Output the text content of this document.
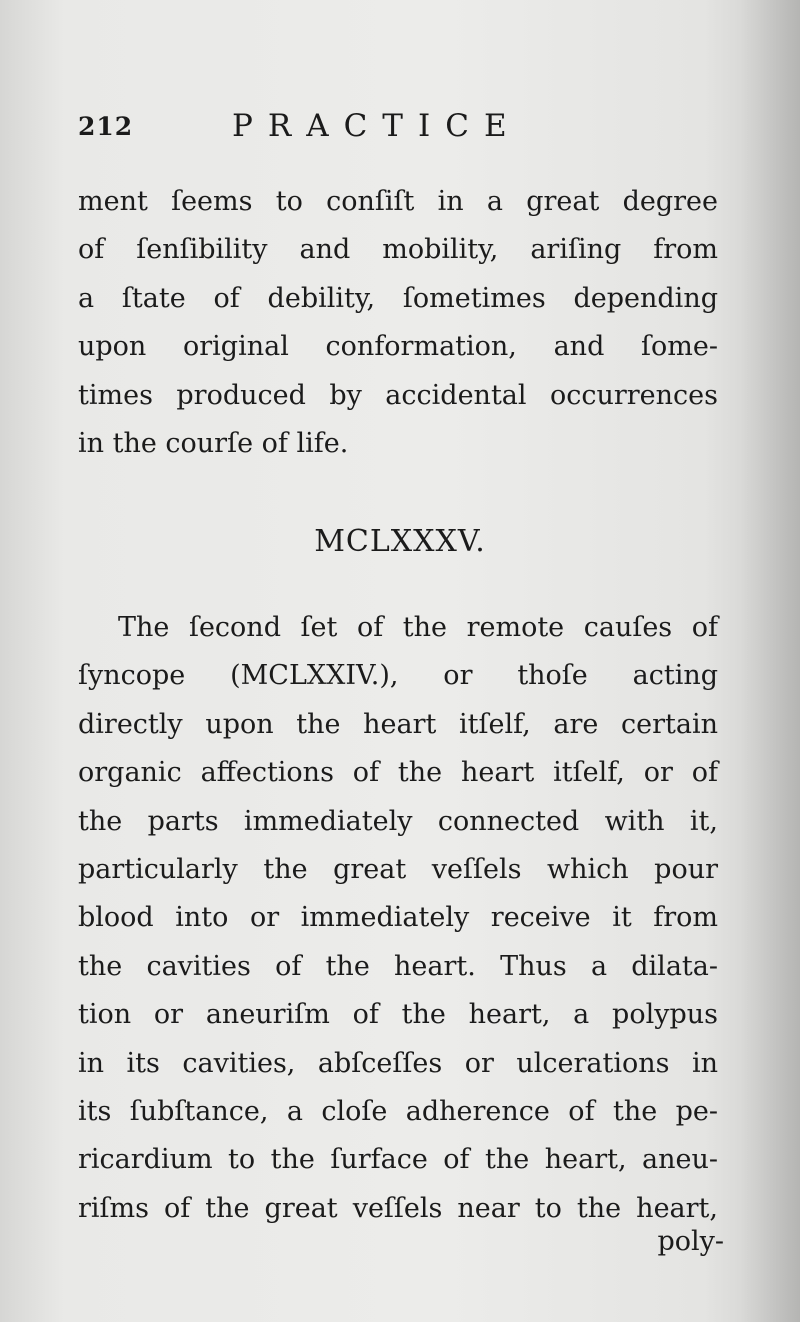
212	PRACTICE
ment ſeems to conſiſt in a great degree
of ſenſibility and mobility, ariſing from
a ſtate of debility, ſometimes depending
upon original conformation, and ſome-
times produced by accidental occurrences
in the courſe of life.
MCLXXXV.
The ſecond ſet of the remote cauſes of
ſyncope (MCLXXIV.), or thoſe acting
directly upon the heart itſelf, are certain
organic affections of the heart itſelf, or of
the parts immediately connected with it,
particularly the great veſſels which pour
blood into or immediately receive it from
the cavities of the heart. Thus a dilata-
tion or aneuriſm of the heart, a polypus
in its cavities, abſceſſes or ulcerations in
its ſubſtance, a cloſe adherence of the pe-
ricardium to the ſurface of the heart, aneu-
riſms of the great veſſels near to the heart,
poly-
